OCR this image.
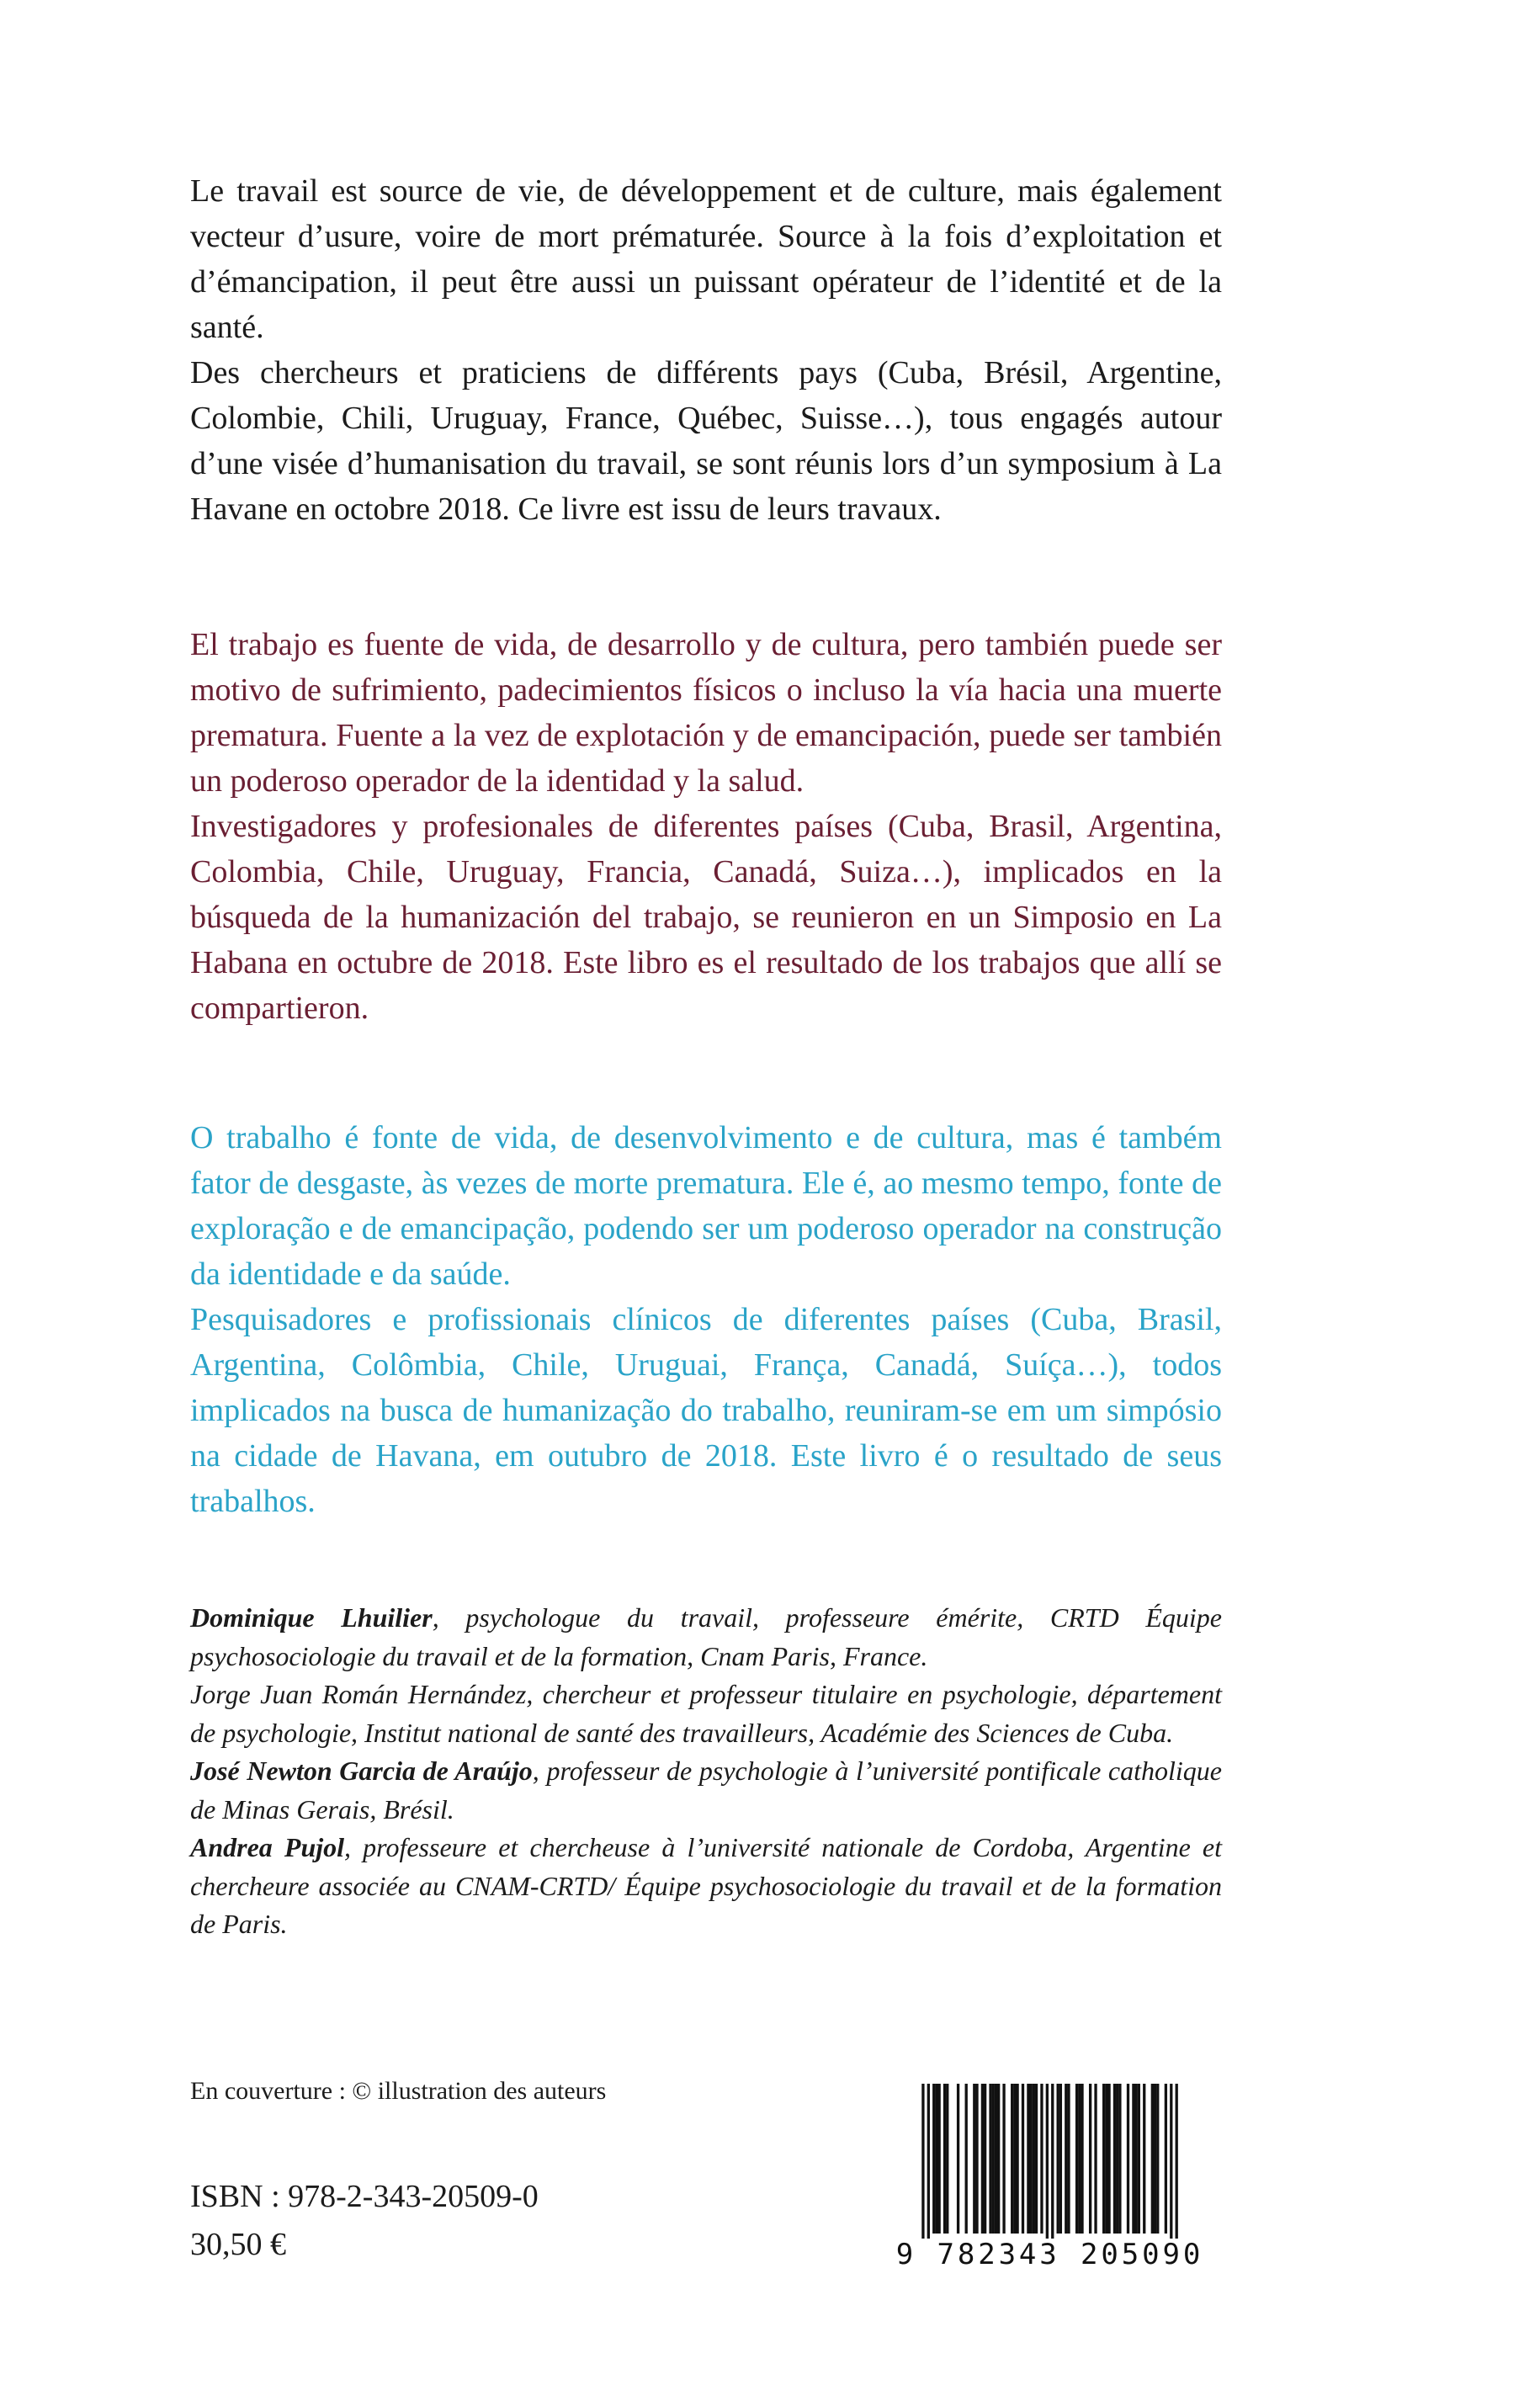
Le travail est source de vie, de développement et de culture, mais également vecteur d’usure, voire de mort prématurée. Source à la fois d’exploitation et d’émancipation, il peut être aussi un puissant opérateur de l’identité et de la santé.

Des chercheurs et praticiens de différents pays (Cuba, Brésil, Argentine, Colombie, Chili, Uruguay, France, Québec, Suisse…), tous engagés autour d’une visée d’humanisation du travail, se sont réunis lors d’un symposium à La Havane en octobre 2018. Ce livre est issu de leurs travaux.

El trabajo es fuente de vida, de desarrollo y de cultura, pero también puede ser motivo de sufrimiento, padecimientos físicos o incluso la vía hacia una muerte prematura. Fuente a la vez de explotación y de emancipación, puede ser también un poderoso operador de la identidad y la salud.

Investigadores y profesionales de diferentes países (Cuba, Brasil, Argentina, Colombia, Chile, Uruguay, Francia, Canadá, Suiza…), implicados en la búsqueda de la humanización del trabajo, se reunieron en un Simposio en La Habana en octubre de 2018. Este libro es el resultado de los trabajos que allí se compartieron.

O trabalho é fonte de vida, de desenvolvimento e de cultura, mas é também fator de desgaste, às vezes de morte prematura. Ele é, ao mesmo tempo, fonte de exploração e de emancipação, podendo ser um poderoso operador na construção da identidade e da saúde.

Pesquisadores e profissionais clínicos de diferentes países (Cuba, Brasil, Argentina, Colômbia, Chile, Uruguai, França, Canadá, Suíça…), todos implicados na busca de humanização do trabalho, reuniram-se em um simpósio na cidade de Havana, em outubro de 2018. Este livro é o resultado de seus trabalhos.

Dominique Lhuilier, psychologue du travail, professeure émérite, CRTD Équipe psychosociologie du travail et de la formation, Cnam Paris, France.

Jorge Juan Román Hernández, chercheur et professeur titulaire en psychologie, département de psychologie, Institut national de santé des travailleurs, Académie des Sciences de Cuba.

José Newton Garcia de Araújo, professeur de psychologie à l’université pontificale catholique de Minas Gerais, Brésil.

Andrea Pujol, professeure et chercheuse à l’université nationale de Cordoba, Argentine et chercheure associée au CNAM-CRTD/ Équipe psychosociologie du travail et de la formation de Paris.

En couverture : © illustration des auteurs

ISBN : 978-2-343-20509-0

30,50 €	9 782343 205090
